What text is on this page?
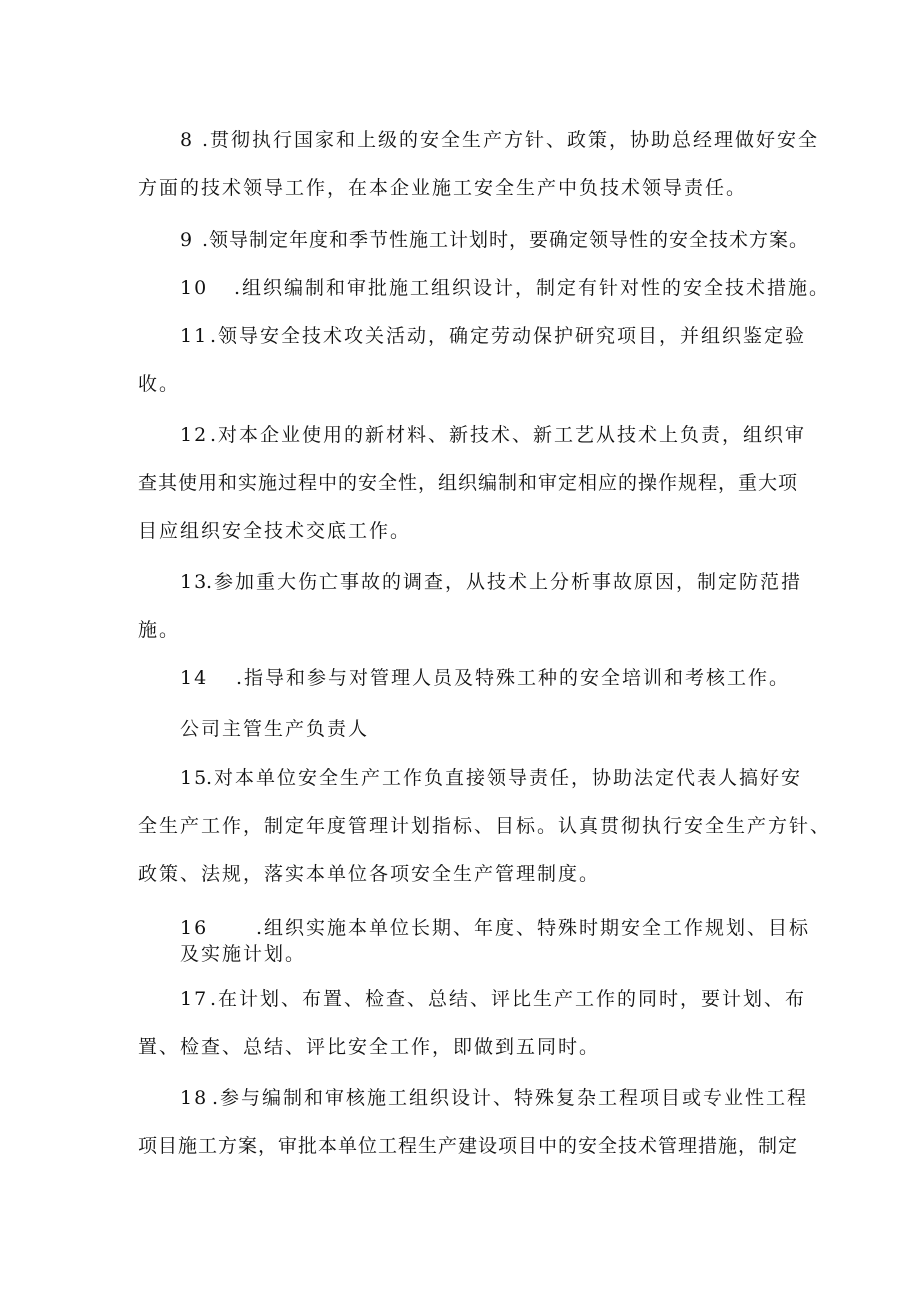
8 .贯彻执行国家和上级的安全生产方针、政策，协助总经理做好安全
方面的技术领导工作，在本企业施工安全生产中负技术领导责任。
9 .领导制定年度和季节性施工计划时，要确定领导性的安全技术方案。
10 .组织编制和审批施工组织设计，制定有针对性的安全技术措施。
11.领导安全技术攻关活动，确定劳动保护研究项目，并组织鉴定验
收。
12.对本企业使用的新材料、新技术、新工艺从技术上负责，组织审
查其使用和实施过程中的安全性，组织编制和审定相应的操作规程，重大项
目应组织安全技术交底工作。
13.参加重大伤亡事故的调查，从技术上分析事故原因，制定防范措
施。
14 .指导和参与对管理人员及特殊工种的安全培训和考核工作。
公司主管生产负责人
15.对本单位安全生产工作负直接领导责任，协助法定代表人搞好安
全生产工作，制定年度管理计划指标、目标。认真贯彻执行安全生产方针、
政策、法规，落实本单位各项安全生产管理制度。
16	.组织实施本单位长期、年度、特殊时期安全工作规划、目标
及实施计划。
17.在计划、布置、检查、总结、评比生产工作的同时，要计划、布
置、检查、总结、评比安全工作，即做到五同时。
18 .参与编制和审核施工组织设计、特殊复杂工程项目或专业性工程
项目施工方案，审批本单位工程生产建设项目中的安全技术管理措施，制定
